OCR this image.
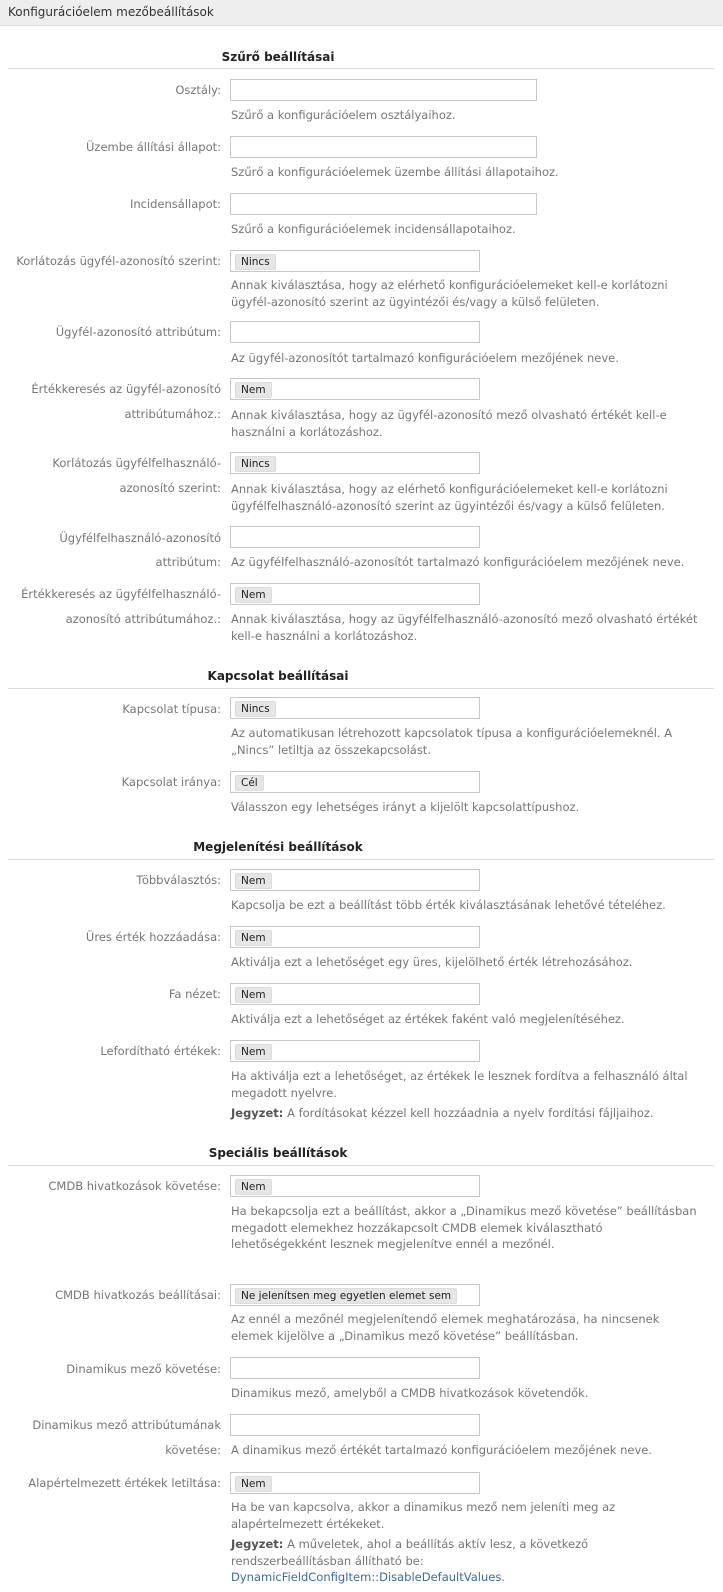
Konfigurációelem mezőbeállítások
Szűrő beállításai
Osztály:
Szűrő a konfigurációelem osztályaihoz.
Üzembe állítási állapot:
Szűrő a konfigurációelemek üzembe állítási állapotaihoz.
Incidensállapot:
Szűrő a konfigurációelemek incidensállapotaihoz.
Korlátozás ügyfél-azonosító szerint:	Nincs
Annak kiválasztása, hogy az elérhető konfigurációelemeket kell-e korlátozni ügyfél-azonosító szerint az ügyintézői és/vagy a külső felületen.
Ügyfél-azonosító attribútum:
Az ügyfél-azonosítót tartalmazó konfigurációelem mezőjének neve.
Értékkeresés az ügyfél-azonosító
attribútumához.:
Nem
Annak kiválasztása, hogy az ügyfél-azonosító mező olvasható értékét kell-e használni a korlátozáshoz.
Korlátozás ügyfélfelhasználó-
azonosító szerint:
Nincs
Annak kiválasztása, hogy az elérhető konfigurációelemeket kell-e korlátozni ügyfélfelhasználó-azonosító szerint az ügyintézői és/vagy a külső felületen.
Ügyfélfelhasználó-azonosító
attribútum: Az ügyfélfelhasználó-azonosítót tartalmazó konfigurációelem mezőjének neve.
Értékkeresés az ügyfélfelhasználó-
azonosító attribútumához.:
Nem
Annak kiválasztása, hogy az ügyfélfelhasználó-azonosító mező olvasható értékét kell-e használni a korlátozáshoz.
Kapcsolat beállításai
Kapcsolat típusa:	Nincs
Az automatikusan létrehozott kapcsolatok típusa a konfigurációelemeknél. A „Nincs” letiltja az összekapcsolást.
Kapcsolat iránya:	Cél
Válasszon egy lehetséges irányt a kijelölt kapcsolattípushoz.
Megjelenítési beállítások
Többválasztós:	Nem
Kapcsolja be ezt a beállítást több érték kiválasztásának lehetővé tételéhez.
Üres érték hozzáadása:	Nem
Aktiválja ezt a lehetőséget egy üres, kijelölhető érték létrehozásához.
Fa nézet:	Nem
Aktiválja ezt a lehetőséget az értékek faként való megjelenítéséhez.
Lefordítható értékek:	Nem
Ha aktiválja ezt a lehetőséget, az értékek le lesznek fordítva a felhasználó által megadott nyelvre.
Jegyzet: A fordításokat kézzel kell hozzáadnia a nyelv fordítási fájljaihoz.
Speciális beállítások
CMDB hivatkozások követése:	Nem
Ha bekapcsolja ezt a beállítást, akkor a „Dinamikus mező követése” beállításban megadott elemekhez hozzákapcsolt CMDB elemek kiválasztható lehetőségekként lesznek megjelenítve ennél a mezőnél.
CMDB hivatkozás beállításai:	Ne jelenítsen meg egyetlen elemet sem
Az ennél a mezőnél megjelenítendő elemek meghatározása, ha nincsenek elemek kijelölve a „Dinamikus mező követése” beállításban.
Dinamikus mező követése:
Dinamikus mező, amelyből a CMDB hivatkozások követendők.
Dinamikus mező attribútumának
követése: A dinamikus mező értékét tartalmazó konfigurációelem mezőjének neve.
Alapértelmezett értékek letiltása:	Nem
Ha be van kapcsolva, akkor a dinamikus mező nem jeleníti meg az alapértelmezett értékeket.
Jegyzet: A műveletek, ahol a beállítás aktív lesz, a következő rendszerbeállításban állítható be: DynamicFieldConfigItem::DisableDefaultValues.
